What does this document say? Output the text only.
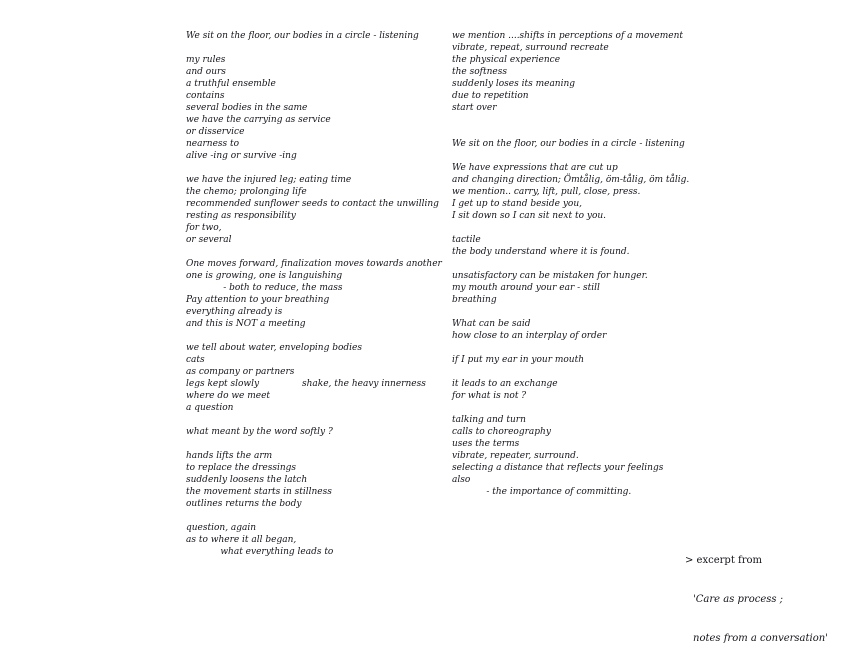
We sit on the floor, our bodies in a circle - listening

my rules
and ours
a truthful ensemble
contains
several bodies in the same
we have the carrying as service
or disservice
nearness to
alive -ing or survive -ing

we have the injured leg; eating time
the chemo; prolonging life
recommended sunflower seeds to contact the unwilling
resting as responsibility
for two,
or several

One moves forward, finalization moves towards another
one is growing, one is languishing
- both to reduce, the mass
Pay attention to your breathing
everything already is
and this is NOT a meeting

we tell about water, enveloping bodies
cats
as company or partners
legs kept slowly               shake, the heavy innerness
where do we meet
a question

what meant by the word softly ?

hands lifts the arm
to replace the dressings
suddenly loosens the latch
the movement starts in stillness
outlines returns the body

question, again
as to where it all began,
what everything leads to
we mention ....shifts in perceptions of a movement
vibrate, repeat, surround recreate
the physical experience
the softness
suddenly loses its meaning
due to repetition
start over

We sit on the floor, our bodies in a circle - listening

We have expressions that are cut up
and changing direction; Ömtålig, öm-tålig, öm tålig.
we mention.. carry, lift, pull, close, press.
I get up to stand beside you,
I sit down so I can sit next to you.

tactile
the body understand where it is found.

unsatisfactory can be mistaken for hunger.
my mouth around your ear - still
breathing

What can be said
how close to an interplay of order

if I put my ear in your mouth

it leads to an exchange
for what is not ?

talking and turn
calls to choreography
uses the terms
vibrate, repeater, surround.
selecting a distance that reflects your feelings
also
- the importance of committing.

> excerpt from

'Care as process ;

notes from a conversation'
